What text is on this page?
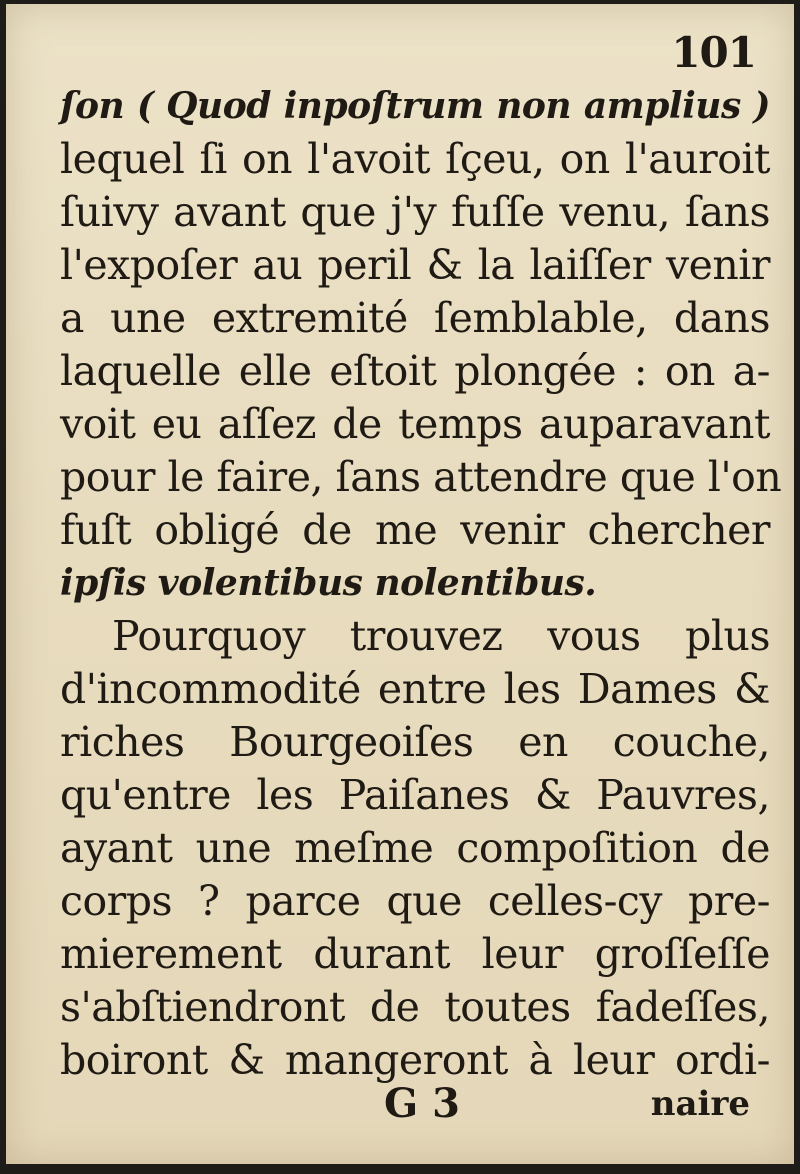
101
ſon ( Quod inpoſtrum non amplius )
lequel ſi on l'avoit ſçeu, on l'auroit
ſuivy avant que j'y fuſſe venu, ſans
l'expoſer au peril & la laiſſer venir
a une extremité ſemblable, dans
laquelle elle eſtoit plongée : on a-
voit eu aſſez de temps auparavant
pour le faire, ſans attendre que l'on
fuſt obligé de me venir chercher
ipſis volentibus nolentibus.
Pourquoy trouvez vous plus
d'incommodité entre les Dames &
riches Bourgeoiſes en couche,
qu'entre les Paiſanes & Pauvres,
ayant une meſme compoſition de
corps ? parce que celles-cy pre-
mierement durant leur groſſeſſe
s'abſtiendront de toutes fadeſſes,
boiront & mangeront à leur ordi-
G 3	naire
